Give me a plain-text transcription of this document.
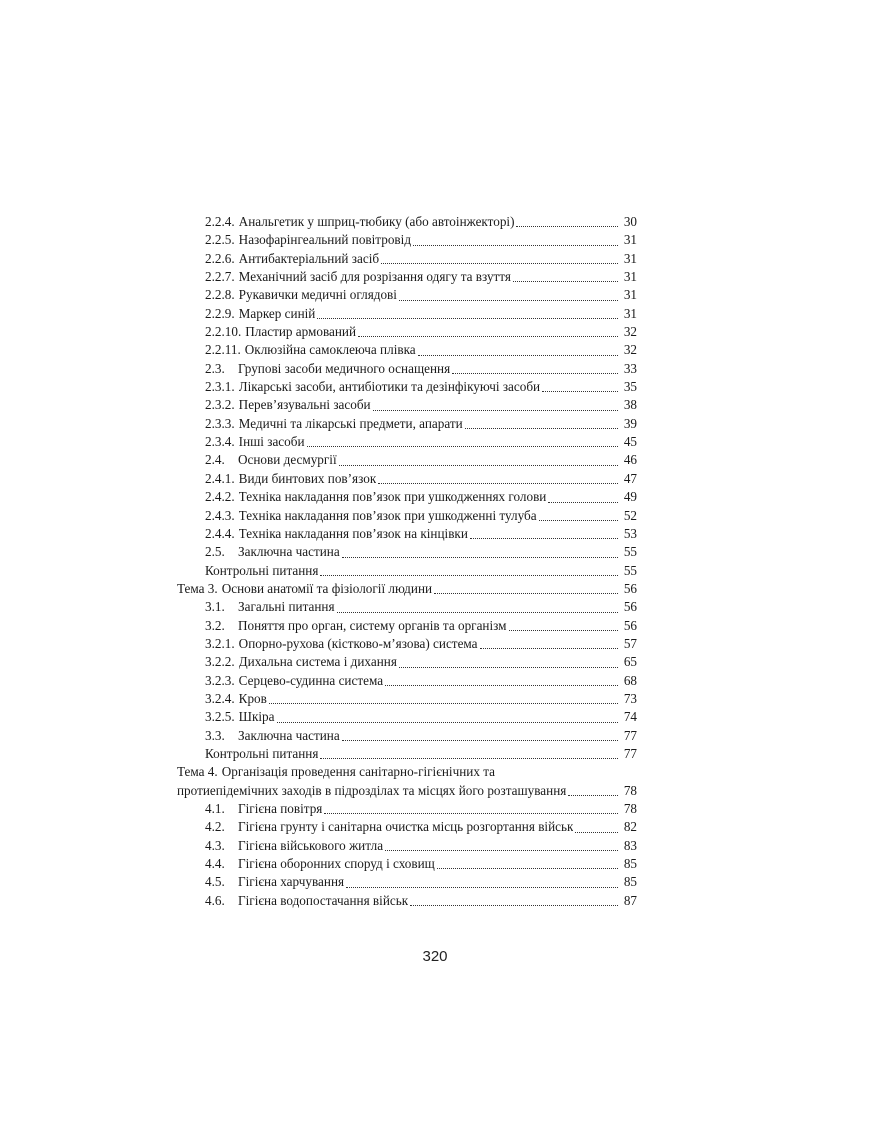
2.2.4. Анальгетик у шприц-тюбику (або автоінжекторі)	30
2.2.5. Назофарінгеальний повітровід	31
2.2.6. Антибактеріальний засіб	31
2.2.7. Механічний засіб для розрізання одягу та взуття	31
2.2.8. Рукавички медичні оглядові	31
2.2.9. Маркер синій	31
2.2.10. Пластир армований	32
2.2.11. Оклюзійна самоклеюча плівка	32
2.3.	Групові засоби медичного оснащення	33
2.3.1. Лікарські засоби, антибіотики та дезінфікуючі засоби	35
2.3.2. Перев’язувальні засоби	38
2.3.3. Медичні та лікарські предмети, апарати	39
2.3.4. Інші засоби	45
2.4.	Основи десмургії	46
2.4.1. Види бинтових пов’язок	47
2.4.2. Техніка накладання пов’язок при ушкодженнях голови	49
2.4.3. Техніка накладання пов’язок при ушкодженні тулуба	52
2.4.4. Техніка накладання пов’язок на кінцівки	53
2.5.	Заключна частина	55
Контрольні питання	55
Тема 3. Основи анатомії та фізіології людини	56
3.1.	Загальні питання	56
3.2.	Поняття про орган, систему органів та організм	56
3.2.1. Опорно-рухова (кістково-м’язова) система	57
3.2.2. Дихальна система і дихання	65
3.2.3. Серцево-судинна система	68
3.2.4. Кров	73
3.2.5. Шкіра	74
3.3.	Заключна частина	77
Контрольні питання	77
Тема 4. Організація проведення санітарно-гігієнічних та
протиепідемічних заходів в підрозділах та місцях його розташування	78
4.1.	Гігієна повітря	78
4.2.	Гігієна грунту і санітарна очистка місць розгортання військ	82
4.3.	Гігієна військового житла	83
4.4.	Гігієна оборонних споруд і сховищ	85
4.5.	Гігієна харчування	85
4.6.	Гігієна водопостачання військ	87
320
